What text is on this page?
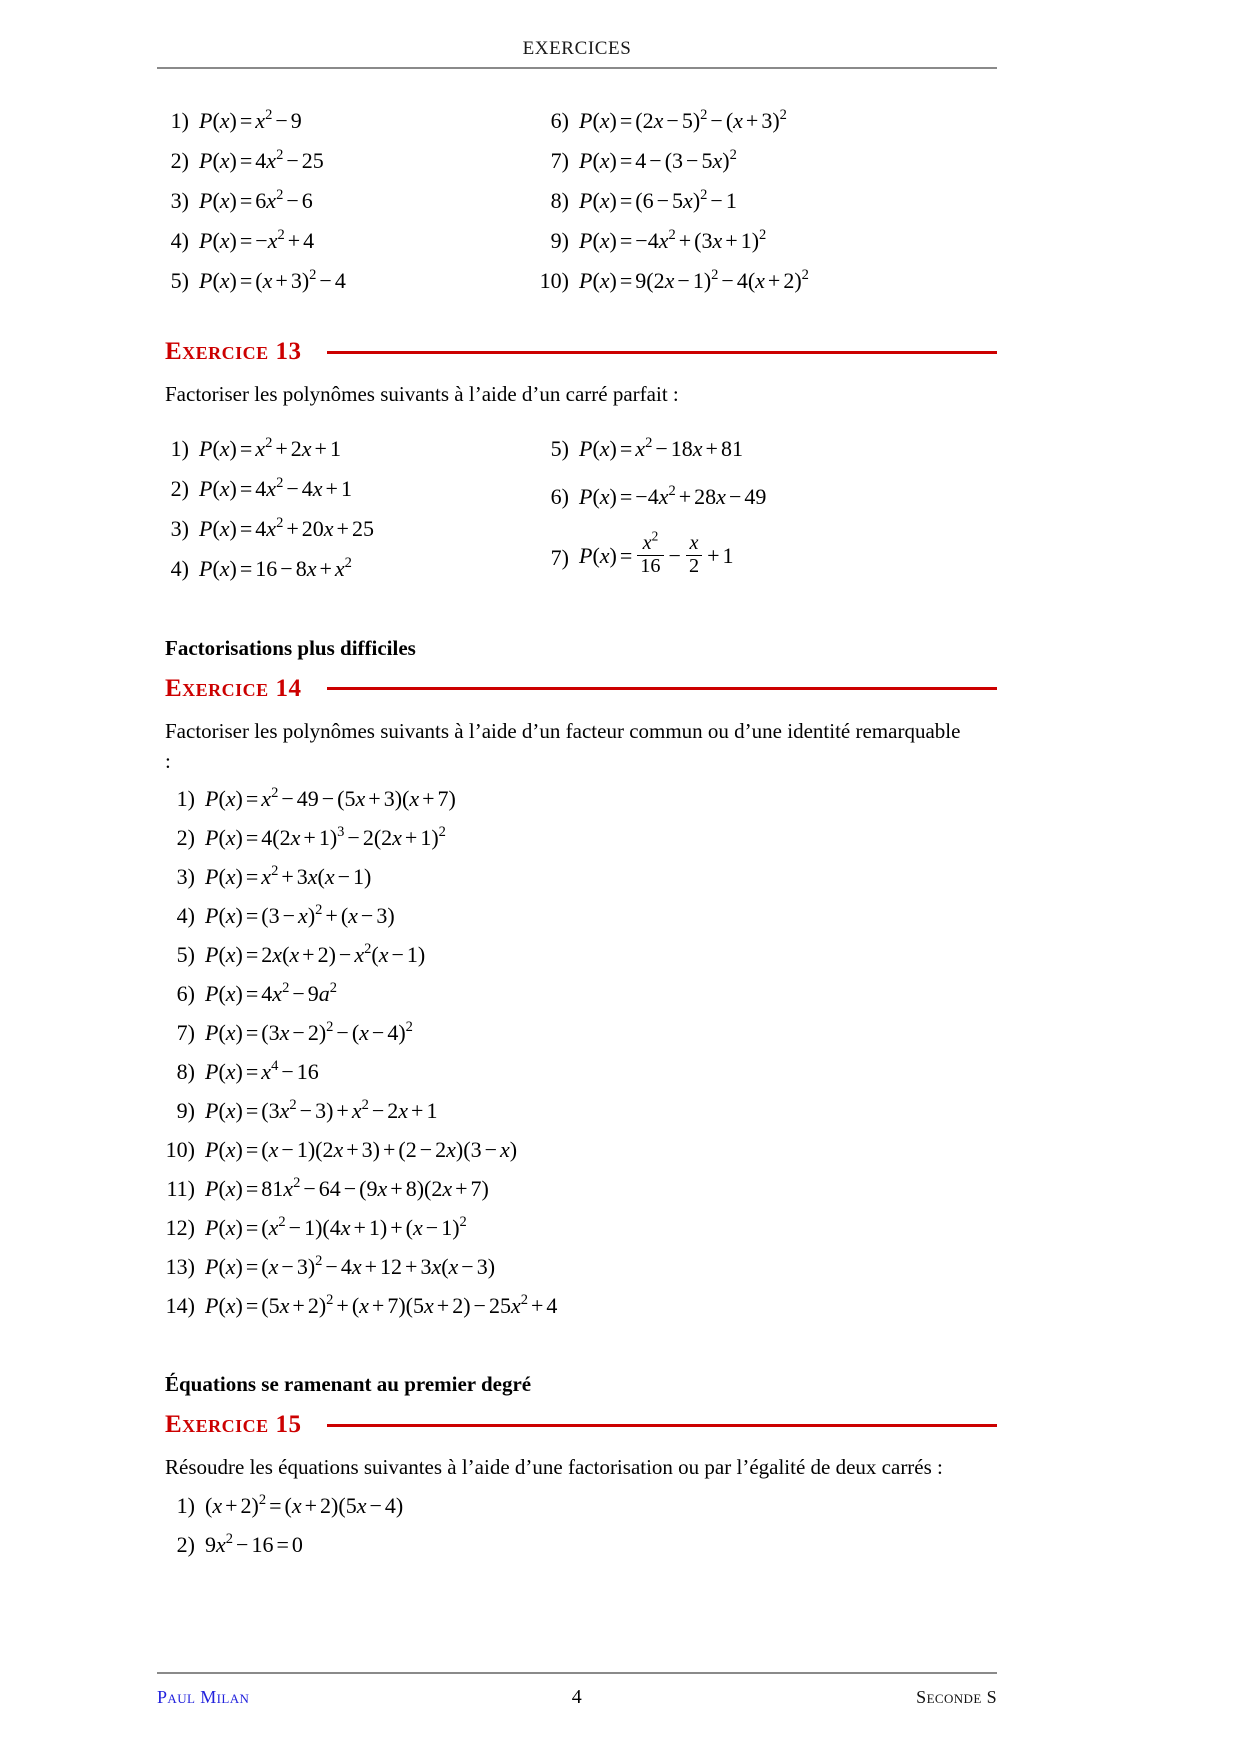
EXERCICES
1) $P(x) = x^2 - 9$
2) $P(x) = 4x^2 - 25$
3) $P(x) = 6x^2 - 6$
4) $P(x) = -x^2 + 4$
5) $P(x) = (x + 3)^2 - 4$
6) $P(x) = (2x - 5)^2 - (x + 3)^2$
7) $P(x) = 4 - (3 - 5x)^2$
8) $P(x) = (6 - 5x)^2 - 1$
9) $P(x) = -4x^2 + (3x + 1)^2$
10) $P(x) = 9(2x - 1)^2 - 4(x + 2)^2$
Exercice 13
Factoriser les polynômes suivants à l’aide d’un carré parfait :
1) $P(x) = x^2 + 2x + 1$
2) $P(x) = 4x^2 - 4x + 1$
3) $P(x) = 4x^2 + 20x + 25$
4) $P(x) = 16 - 8x + x^2$
5) $P(x) = x^2 - 18x + 81$
6) $P(x) = -4x^2 + 28x - 49$
7) $P(x) = \frac{x^2}{16} - \frac{x}{2} + 1$
Factorisations plus difficiles
Exercice 14
Factoriser les polynômes suivants à l’aide d’un facteur commun ou d’une identité remarquable :
1) $P(x) = x^2 - 49 - (5x + 3)(x + 7)$
2) $P(x) = 4(2x + 1)^3 - 2(2x + 1)^2$
3) $P(x) = x^2 + 3x(x - 1)$
4) $P(x) = (3 - x)^2 + (x - 3)$
5) $P(x) = 2x(x + 2) - x^2(x - 1)$
6) $P(x) = 4x^2 - 9a^2$
7) $P(x) = (3x - 2)^2 - (x - 4)^2$
8) $P(x) = x^4 - 16$
9) $P(x) = (3x^2 - 3) + x^2 - 2x + 1$
10) P(x) = (x − 1)(2x + 3) + (2 − 2x)(3 − x)
11) $P(x) = 81x^2 - 64 - (9x + 8)(2x + 7)$
12) $P(x) = (x^2 - 1)(4x + 1) + (x - 1)^2$
13) $P(x) = (x - 3)^2 - 4x + 12 + 3x(x - 3)$
14) $P(x) = (5x + 2)^2 + (x + 7)(5x + 2) - 25x^2 + 4$
Équations se ramenant au premier degré
Exercice 15
Résoudre les équations suivantes à l’aide d’une factorisation ou par l’égalité de deux carrés :
1) $(x + 2)^2 = (x + 2)(5x - 4)$
2) $9x^2 - 16 = 0$
Paul Milan	4	Seconde S
